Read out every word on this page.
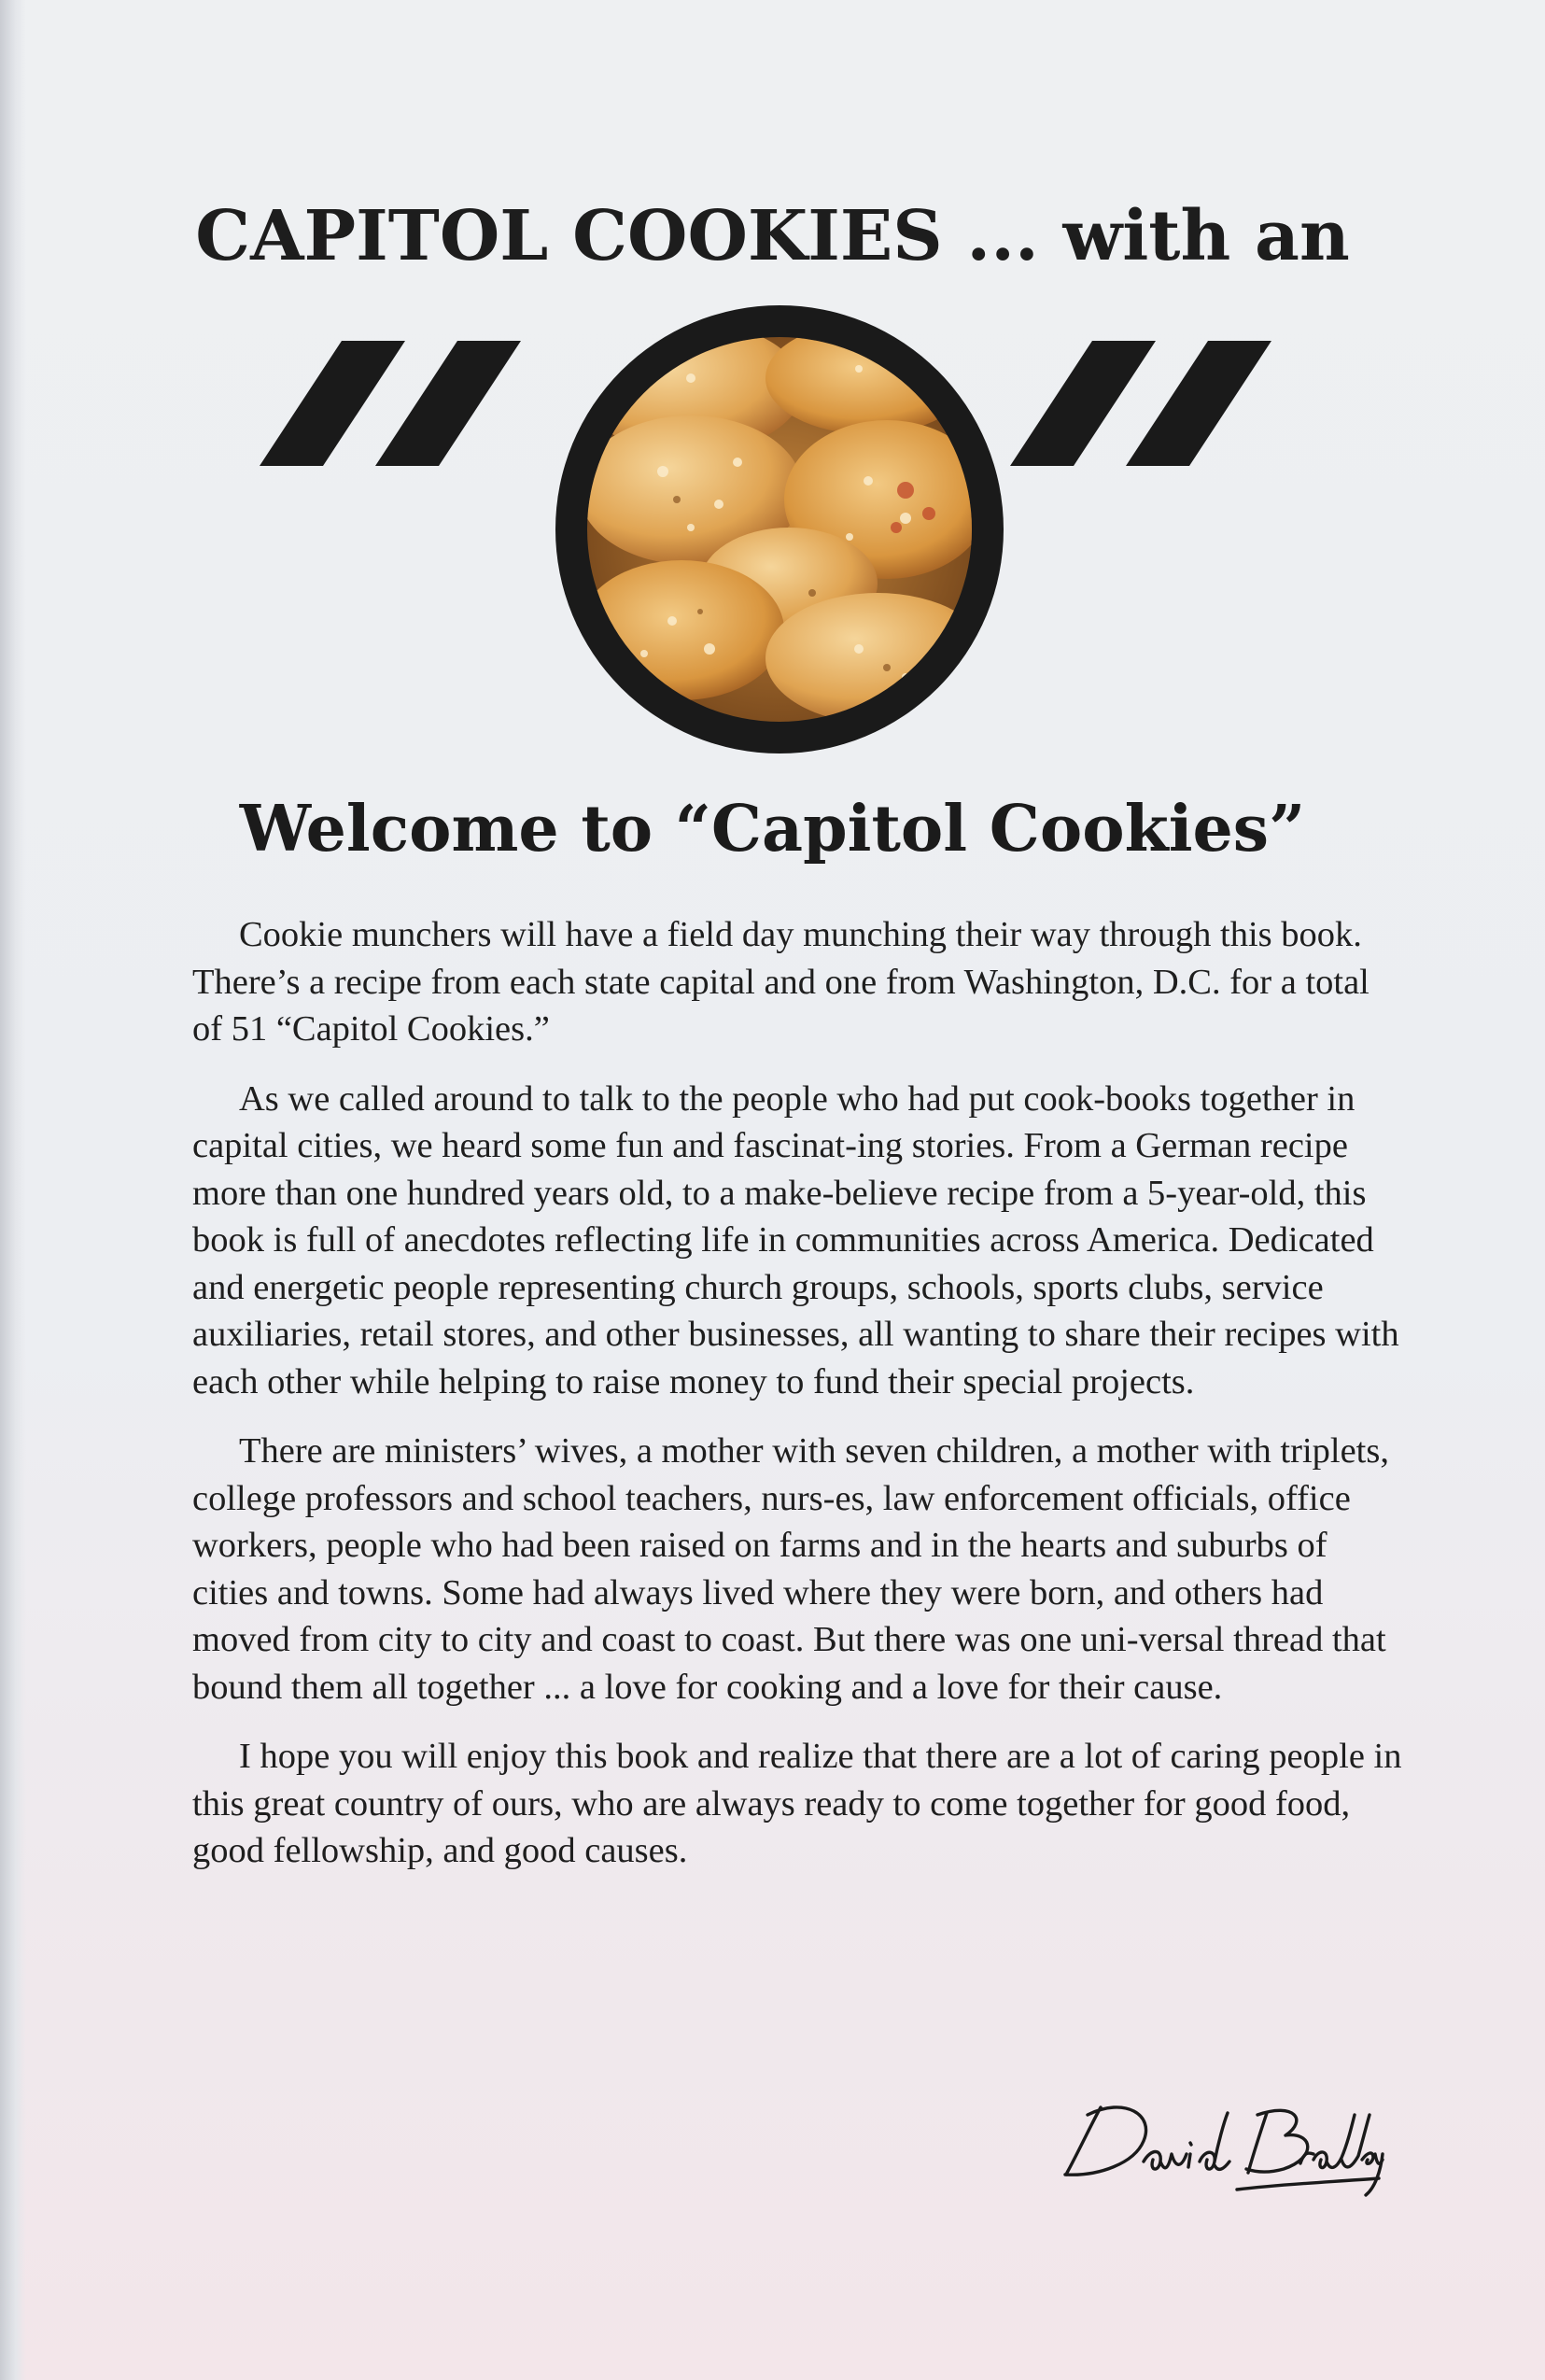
CAPITOL COOKIES ... with an
Welcome to “Capitol Cookies”

Cookie munchers will have a field day munching their way through this book. There’s a recipe from each state capital and one from Washington, D.C. for a total of 51 “Capitol Cookies.”

As we called around to talk to the people who had put cook-books together in capital cities, we heard some fun and fascinat-ing stories. From a German recipe more than one hundred years old, to a make-believe recipe from a 5-year-old, this book is full of anecdotes reflecting life in communities across America. Dedicated and energetic people representing church groups, schools, sports clubs, service auxiliaries, retail stores, and other businesses, all wanting to share their recipes with each other while helping to raise money to fund their special projects.

There are ministers’ wives, a mother with seven children, a mother with triplets, college professors and school teachers, nurs-es, law enforcement officials, office workers, people who had been raised on farms and in the hearts and suburbs of cities and towns. Some had always lived where they were born, and others had moved from city to city and coast to coast. But there was one uni-versal thread that bound them all together ... a love for cooking and a love for their cause.

I hope you will enjoy this book and realize that there are a lot of caring people in this great country of ours, who are always ready to come together for good food, good fellowship, and good causes.
